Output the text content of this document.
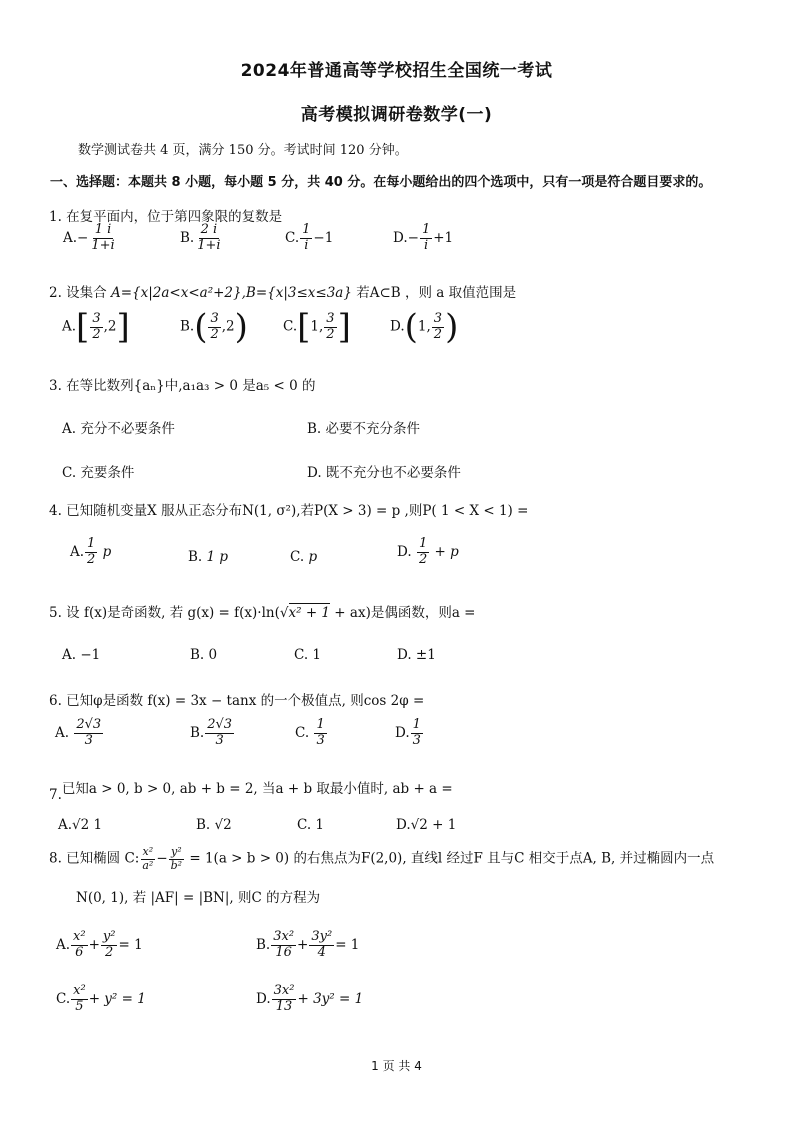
2024年普通高等学校招生全国统一考试
高考模拟调研卷数学(一)
数学测试卷共 4 页，满分 150 分。考试时间 120 分钟。
一、选择题：本题共 8 小题，每小题 5 分，共 40 分。在每小题给出的四个选项中，只有一项是符合题目要求的。
1. 在复平面内，位于第四象限的复数是
$A.- \frac{1 i}{1+i}$	B. $\frac{2 i}{1+i}$	C. $\frac{1}{i} -1$	$D.- \frac{1}{i} +1$
2. 设集合 A={x|2a<x<a²+2},B={x|3≤x≤3a} 若A⊂B ，则 a 取值范围是
$A.[ \frac{3}{2} ,2]$	$B.( \frac{3}{2} ,2)$	C.[1, $\frac{3}{2}$ ]	D.(1, $\frac{3}{2}$ )
3. 在等比数列{aₙ}中,a₁a₃ > 0 是a₅ < 0 的
A. 充分不必要条件	B. 必要不充分条件
C. 充要条件	D. 既不充分也不必要条件
4. 已知随机变量X 服从正态分布N(1, σ²),若P(X > 3) = p ,则P( 1 < X < 1) =
A. $\frac{1}{2}$ p	B. 1 p	C. p	D. $\frac{1}{2} + p$
5. 设 f(x)是奇函数, 若 g(x) = f(x)·ln(√x² + 1 + ax)是偶函数，则a =
A. −1	B. 0	C. 1	D. ±1
6. 已知φ是函数 f(x) = 3x − tanx 的一个极值点, 则cos 2φ =
A. $\frac{2√3}{3}$	B. $\frac{2√3}{3}$	C. $\frac{1}{3}$	D. $\frac{1}{3}$
7.已知a > 0, b > 0, ab + b = 2, 当a + b 取最小值时, ab + a =
A.√2 1	B. √2	C. 1	D.√2 + 1
8. 已知椭圆 C: $\frac{\text{x²}}{\text{a²}} - \frac{\text{y²}}{\text{b²}} = 1(a > b > 0)$ 的右焦点为F(2,0), 直线l 经过F 且与C 相交于点A, B, 并过椭圆内一点
N(0, 1), 若 |AF| = |BN|, 则C 的方程为
A. $\frac{\text{x²}}{6} + \frac{\text{y²}}{2} = 1$	B. $\frac{\text{3x²}}{16} + \frac{\text{3y²}}{4} = 1$
C. $\frac{\text{x²}}{5} + y^2 = 1$	D. $\frac{\text{3x²}}{13} + 3y^2 = 1$
1 页 共 4
